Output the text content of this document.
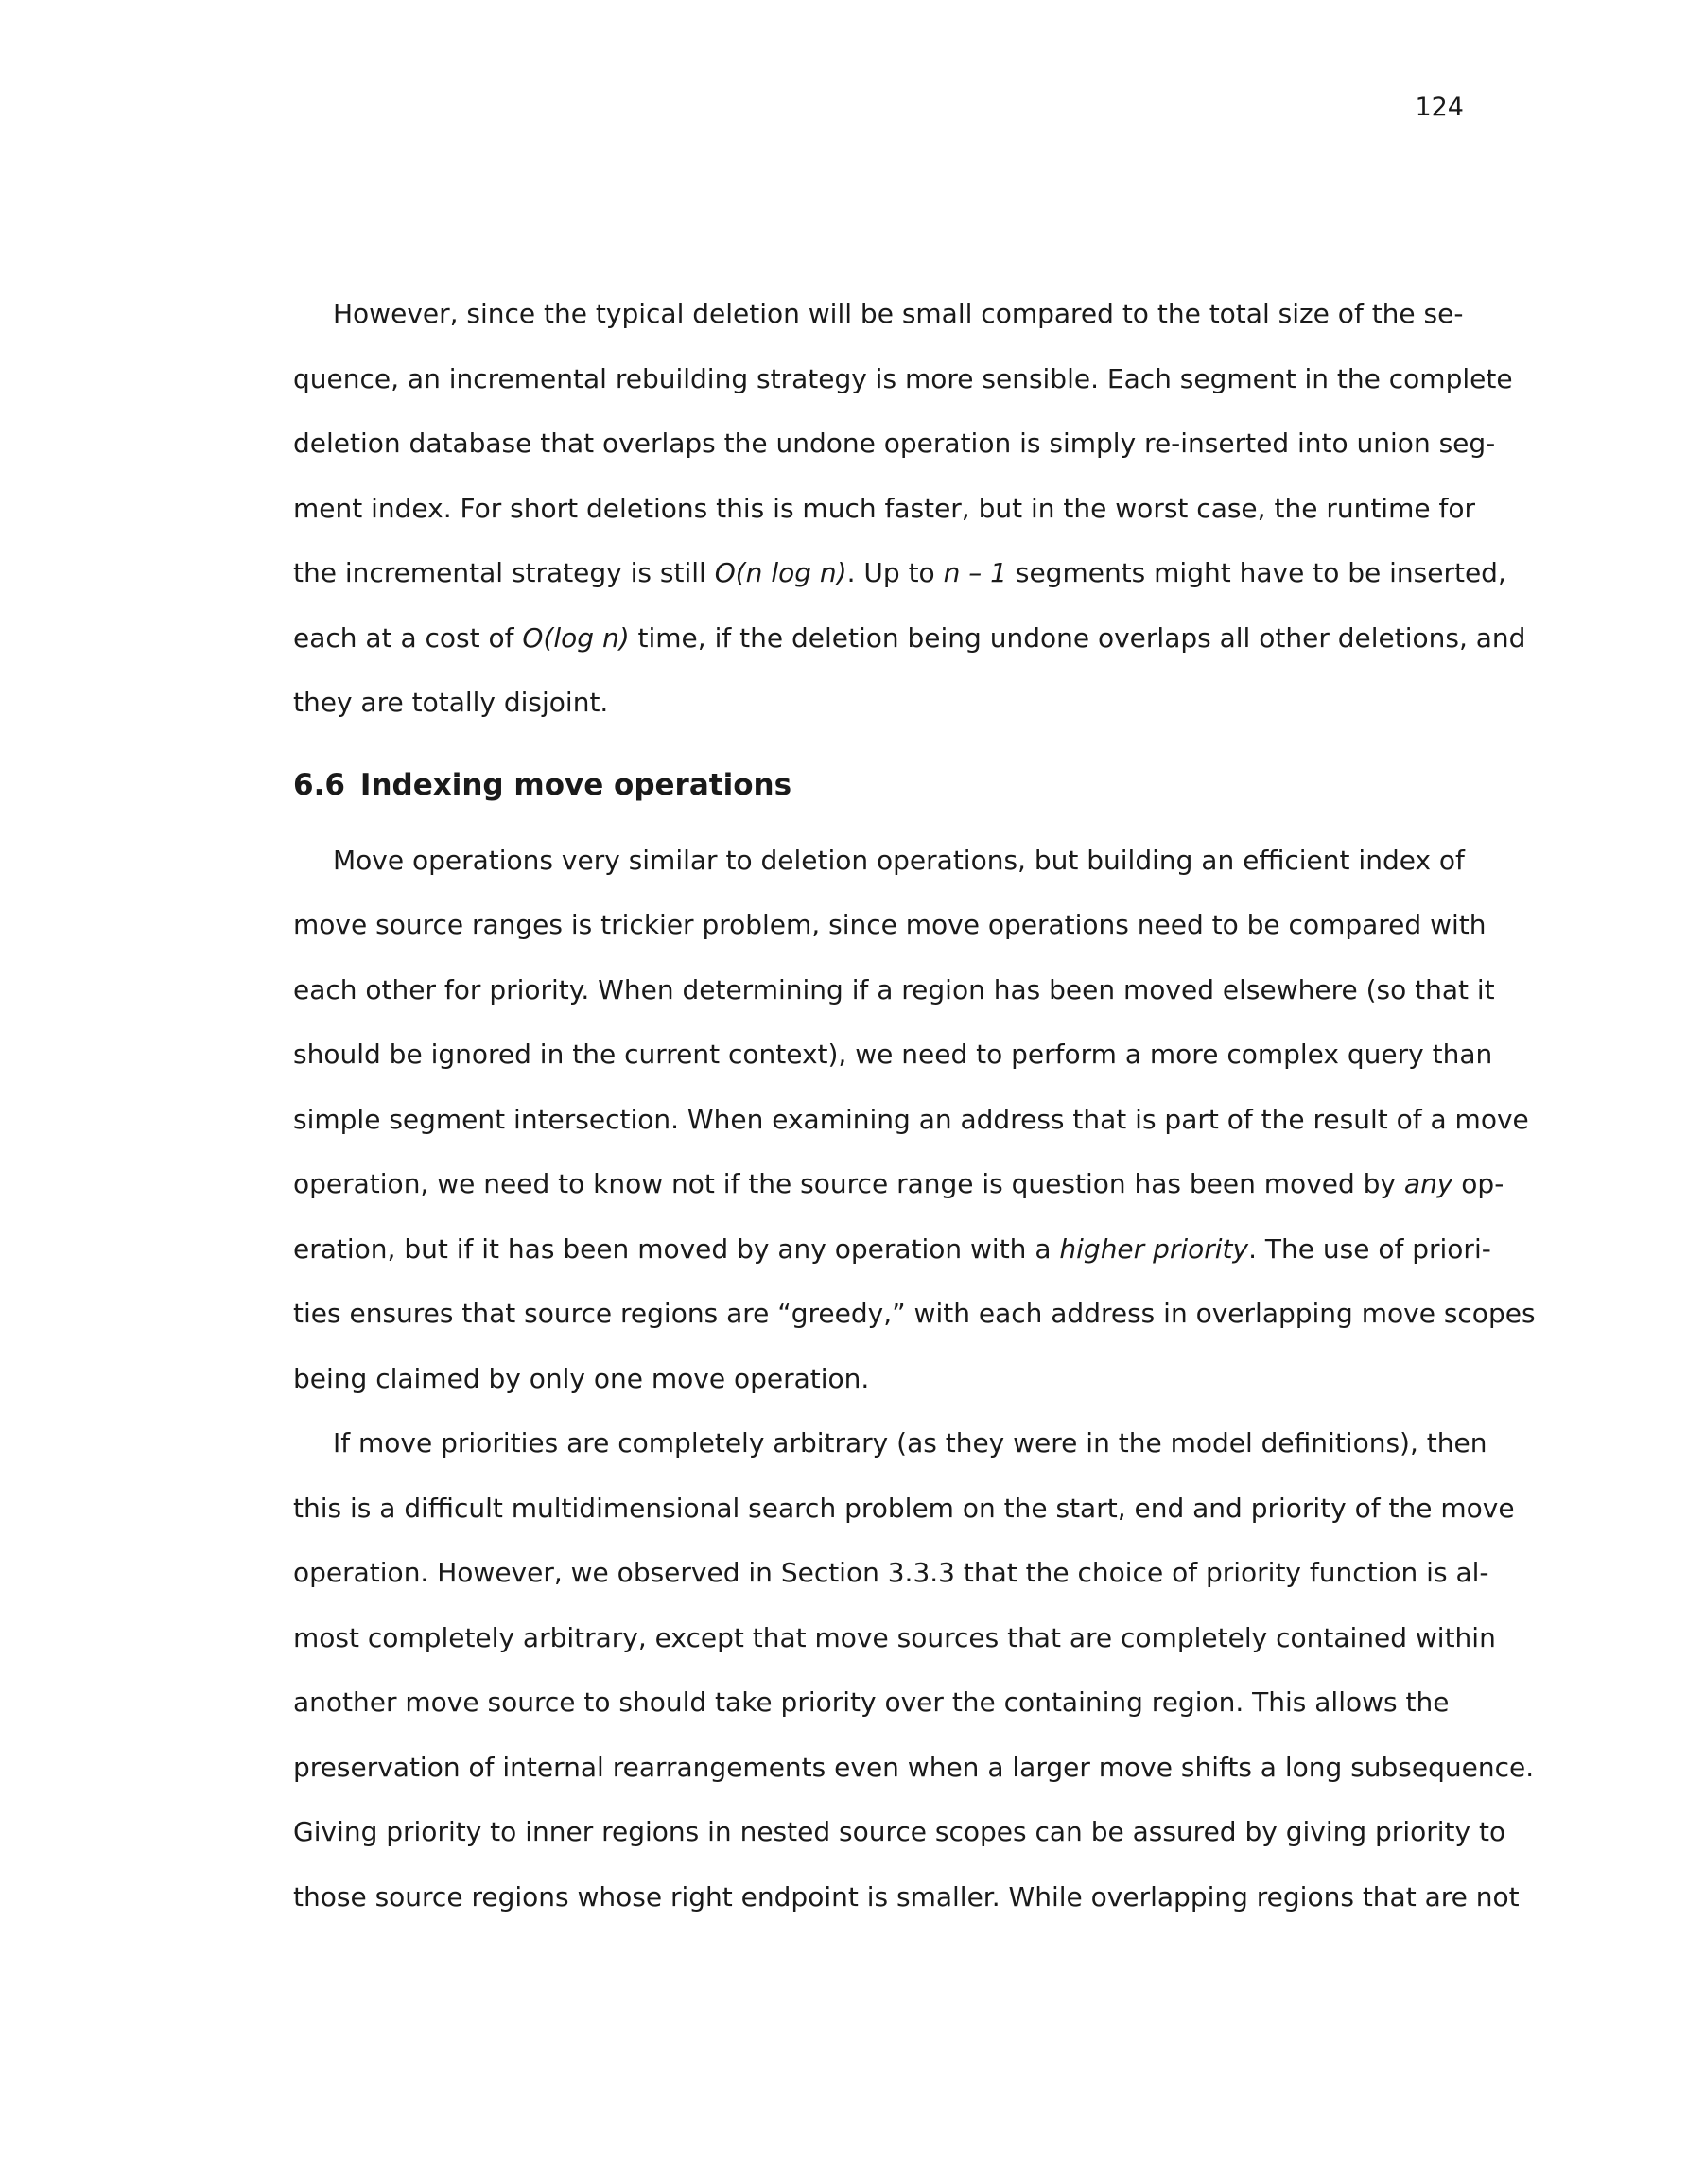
124
However, since the typical deletion will be small compared to the total size of the se-
quence, an incremental rebuilding strategy is more sensible. Each segment in the complete
deletion database that overlaps the undone operation is simply re-inserted into union seg-
ment index. For short deletions this is much faster, but in the worst case, the runtime for
the incremental strategy is still O(n log n). Up to n – 1 segments might have to be inserted,
each at a cost of O(log n) time, if the deletion being undone overlaps all other deletions, and
they are totally disjoint.
6.6 Indexing move operations
Move operations very similar to deletion operations, but building an efficient index of
move source ranges is trickier problem, since move operations need to be compared with
each other for priority. When determining if a region has been moved elsewhere (so that it
should be ignored in the current context), we need to perform a more complex query than
simple segment intersection. When examining an address that is part of the result of a move
operation, we need to know not if the source range is question has been moved by any op-
eration, but if it has been moved by any operation with a higher priority. The use of priori-
ties ensures that source regions are “greedy,” with each address in overlapping move scopes
being claimed by only one move operation.
If move priorities are completely arbitrary (as they were in the model definitions), then
this is a difficult multidimensional search problem on the start, end and priority of the move
operation. However, we observed in Section 3.3.3 that the choice of priority function is al-
most completely arbitrary, except that move sources that are completely contained within
another move source to should take priority over the containing region. This allows the
preservation of internal rearrangements even when a larger move shifts a long subsequence.
Giving priority to inner regions in nested source scopes can be assured by giving priority to
those source regions whose right endpoint is smaller. While overlapping regions that are not
